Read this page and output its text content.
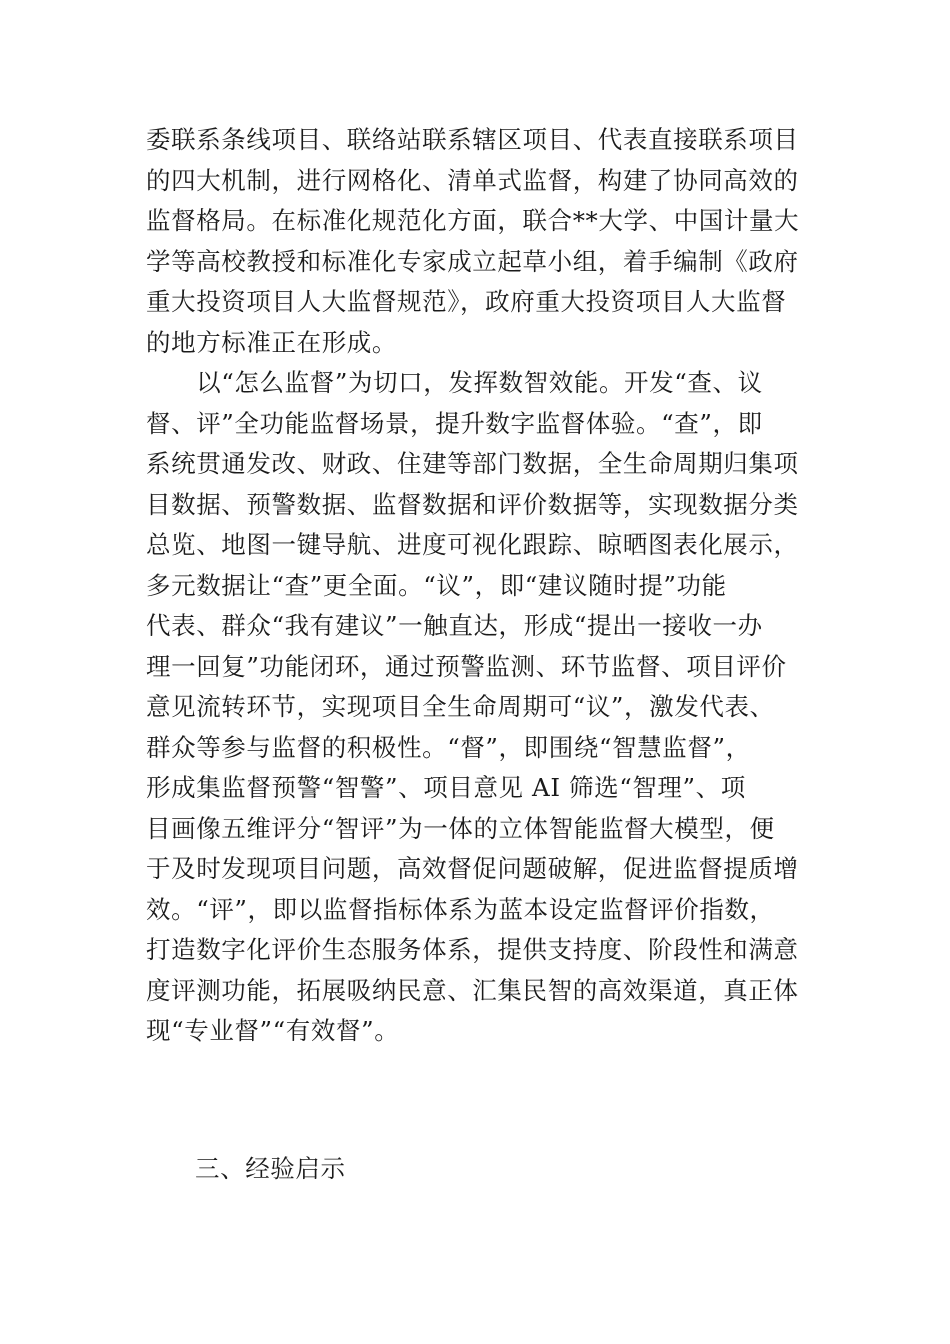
委联系条线项目、联络站联系辖区项目、代表直接联系项目
的四大机制，进行网格化、清单式监督，构建了协同高效的
监督格局。在标准化规范化方面，联合**大学、中国计量大
学等高校教授和标准化专家成立起草小组，着手编制《政府
重大投资项目人大监督规范》，政府重大投资项目人大监督
的地方标准正在形成。
　　以“怎么监督”为切口，发挥数智效能。开发“查、议
督、评”全功能监督场景，提升数字监督体验。“查”，即
系统贯通发改、财政、住建等部门数据，全生命周期归集项
目数据、预警数据、监督数据和评价数据等，实现数据分类
总览、地图一键导航、进度可视化跟踪、晾晒图表化展示，
多元数据让“查”更全面。“议”，即“建议随时提”功能
代表、群众“我有建议”一触直达，形成“提出一接收一办
理一回复”功能闭环，通过预警监测、环节监督、项目评价
意见流转环节，实现项目全生命周期可“议”，激发代表、
群众等参与监督的积极性。“督”，即围绕“智慧监督”，
形成集监督预警“智警”、项目意见 AI 筛选“智理”、项
目画像五维评分“智评”为一体的立体智能监督大模型，便
于及时发现项目问题，高效督促问题破解，促进监督提质增
效。“评”，即以监督指标体系为蓝本设定监督评价指数，
打造数字化评价生态服务体系，提供支持度、阶段性和满意
度评测功能，拓展吸纳民意、汇集民智的高效渠道，真正体
现“专业督”“有效督”。
三、经验启示
